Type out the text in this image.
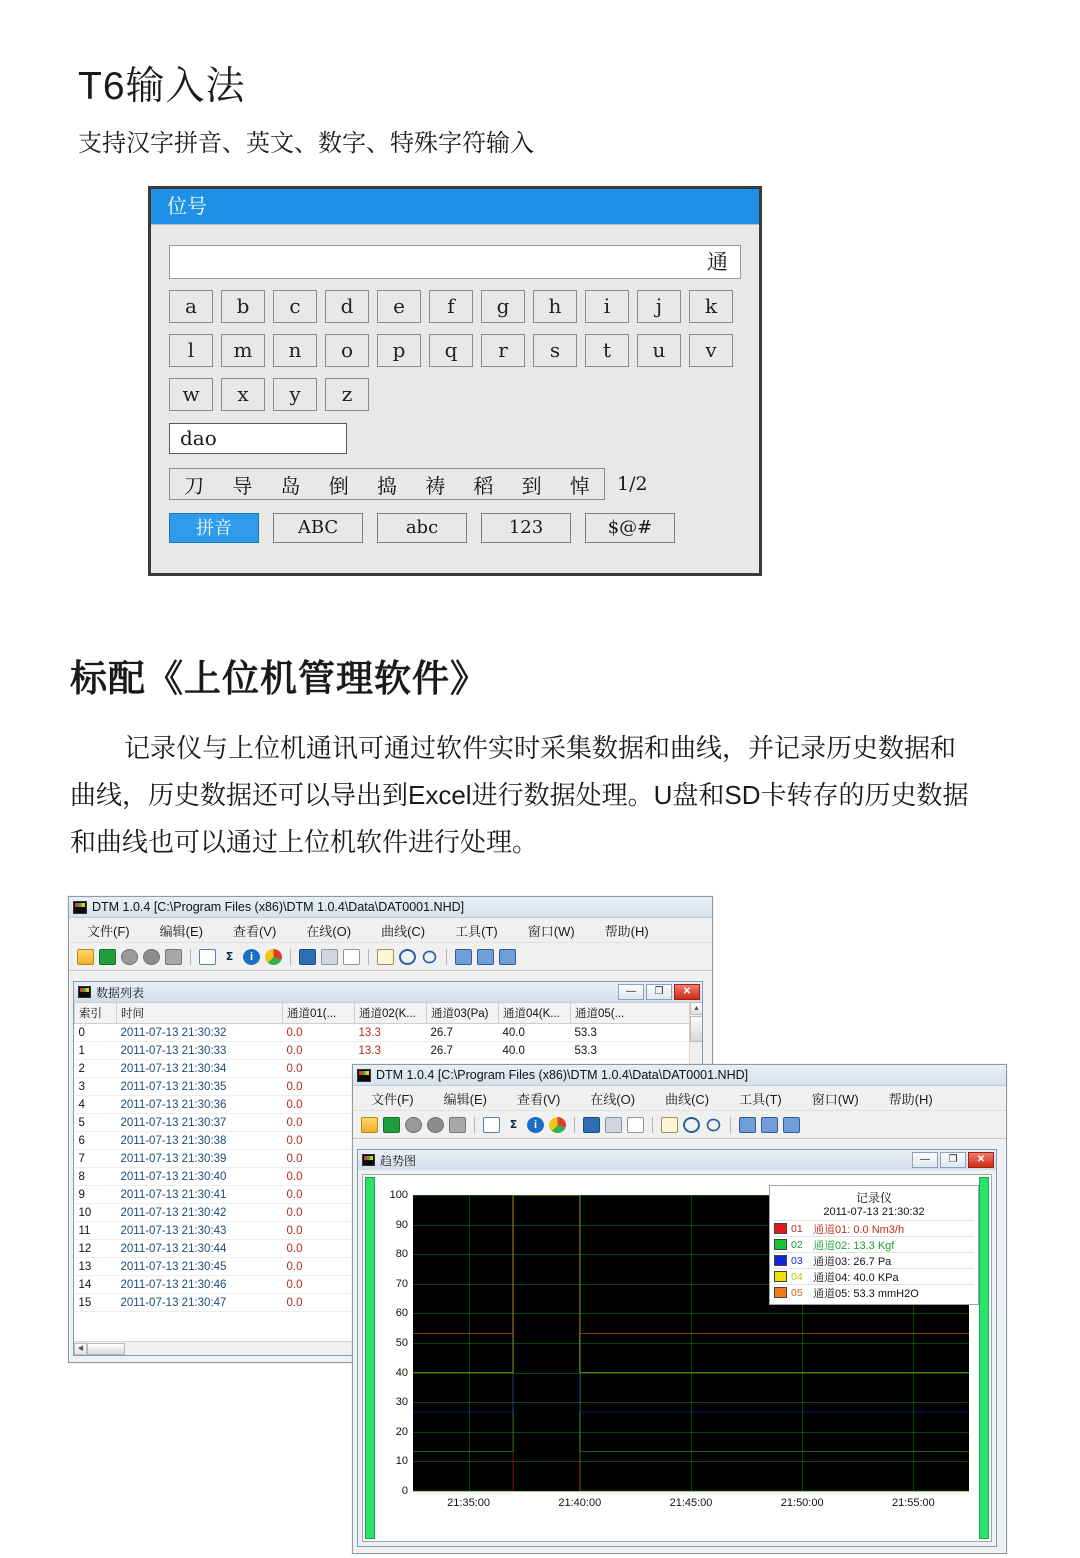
T6输入法
支持汉字拼音、英文、数字、特殊字符输入
位号
通
a	b	c	d	e	f	g	h	i	j	k
l	m	n	o	p	q	r	s	t	u	v
w	x	y	z
dao
刀 导 岛 倒 捣 祷 稻 到 悼 1/2
拼音	ABC	abc	123	$@#
标配《上位机管理软件》
记录仪与上位机通讯可通过软件实时采集数据和曲线，并记录历史数据和曲线，历史数据还可以导出到Excel进行数据处理。U盘和SD卡转存的历史数据和曲线也可以通过上位机软件进行处理。
DTM 1.0.4 [C:\Program Files (x86)\DTM 1.0.4\Data\DAT0001.NHD]
文件(F) 编辑(E) 查看(V) 在线(O) 曲线(C) 工具(T) 窗口(W) 帮助(H)
Σ	i
数据列表	—	❐	✕
索引	时间	通道01(...	通道02(K...	通道03(Pa)	通道04(K...	通道05(...
0	2011-07-13 21:30:32	0.0	13.3	26.7	40.0	53.3
1	2011-07-13 21:30:33	0.0	13.3	26.7	40.0	53.3
2	2011-07-13 21:30:34	0.0				
3	2011-07-13 21:30:35	0.0				
4	2011-07-13 21:30:36	0.0				
5	2011-07-13 21:30:37	0.0				
6	2011-07-13 21:30:38	0.0				
7	2011-07-13 21:30:39	0.0				
8	2011-07-13 21:30:40	0.0				
9	2011-07-13 21:30:41	0.0				
10	2011-07-13 21:30:42	0.0				
11	2011-07-13 21:30:43	0.0				
12	2011-07-13 21:30:44	0.0				
13	2011-07-13 21:30:45	0.0				
14	2011-07-13 21:30:46	0.0				
15	2011-07-13 21:30:47	0.0				
▲
◀
DTM 1.0.4 [C:\Program Files (x86)\DTM 1.0.4\Data\DAT0001.NHD]
文件(F) 编辑(E) 查看(V) 在线(O) 曲线(C) 工具(T) 窗口(W) 帮助(H)
Σ	i
趋势图	—	❐	✕
0
10
20
30
40
50
60
70
80
90
100
21:35:00	21:40:00	21:45:00	21:50:00	21:55:00
记录仪
2011-07-13 21:30:32
01 通道01: 0.0 Nm3/h
02 通道02: 13.3 Kgf
03 通道03: 26.7 Pa
04 通道04: 40.0 KPa
05 通道05: 53.3 mmH2O
